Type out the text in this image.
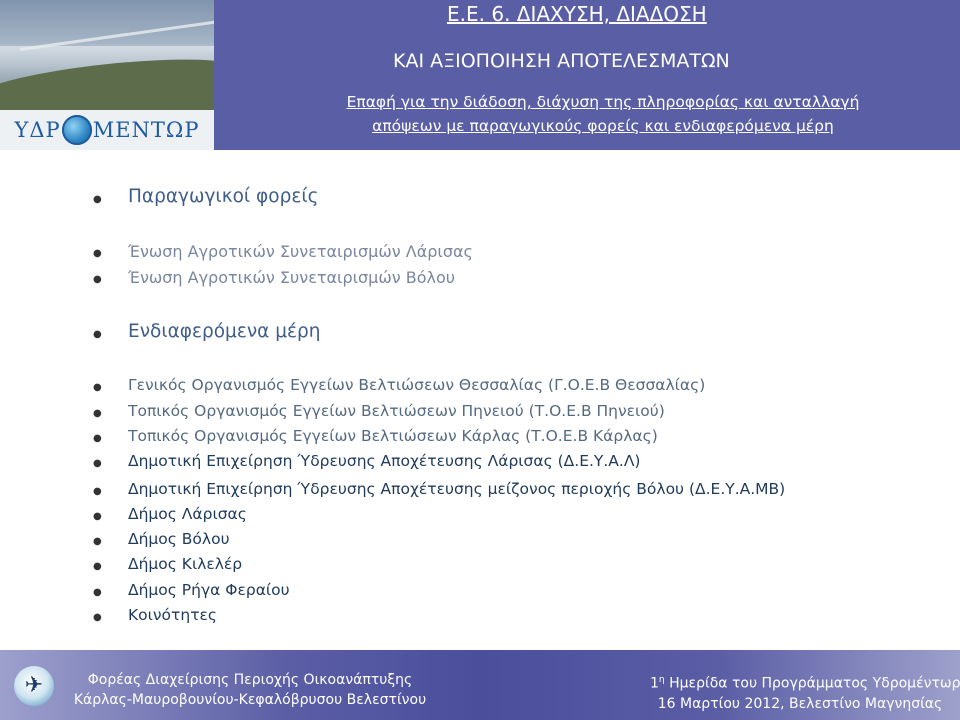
ΥΔΡ ΜΕΝΤΩΡ
Ε.Ε. 6. ΔΙΑΧΥΣΗ, ΔΙΑΔΟΣΗ
ΚΑΙ ΑΞΙΟΠΟΙΗΣΗ ΑΠΟΤΕΛΕΣΜΑΤΩΝ
Επαφή για την διάδοση, διάχυση της πληροφορίας και ανταλλαγή
απόψεων με παραγωγικούς φορείς και ενδιαφερόμενα μέρη
● Παραγωγικοί φορείς
● Ένωση Αγροτικών Συνεταιρισμών Λάρισας
● Ένωση Αγροτικών Συνεταιρισμών Βόλου
● Ενδιαφερόμενα μέρη
● Γενικός Οργανισμός Εγγείων Βελτιώσεων Θεσσαλίας (Γ.Ο.Ε.Β Θεσσαλίας)
● Τοπικός Οργανισμός Εγγείων Βελτιώσεων Πηνειού (Τ.Ο.Ε.Β Πηνειού)
● Τοπικός Οργανισμός Εγγείων Βελτιώσεων Κάρλας (Τ.Ο.Ε.Β Κάρλας)
● Δημοτική Επιχείρηση Ύδρευσης Αποχέτευσης Λάρισας (Δ.Ε.Υ.Α.Λ)
● Δημοτική Επιχείρηση Ύδρευσης Αποχέτευσης μείζονος περιοχής Βόλου (Δ.Ε.Υ.Α.ΜΒ)
● Δήμος Λάρισας
● Δήμος Βόλου
● Δήμος Κιλελέρ
● Δήμος Ρήγα Φεραίου
● Κοινότητες
✈	Φορέας Διαχείρισης Περιοχής Οικοανάπτυξης
Κάρλας-Μαυροβουνίου-Κεφαλόβρυσου Βελεστίνου
$1^\eta$ Ημερίδα του Προγράμματος Υδρομέντωρ
16 Μαρτίου 2012, Βελεστίνο Μαγνησίας
